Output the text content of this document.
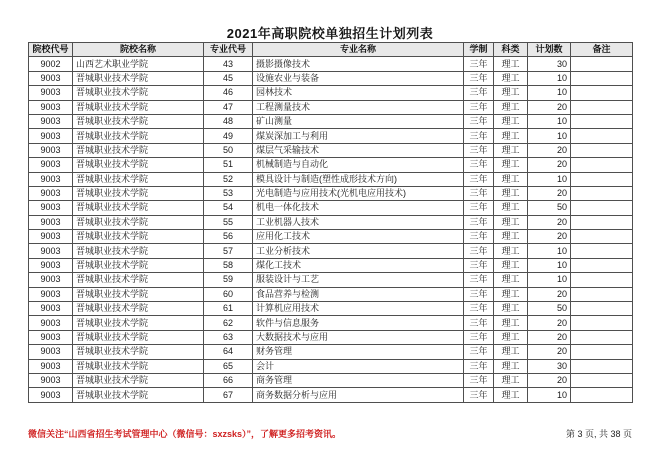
2021年高职院校单独招生计划列表
院校代号	院校名称	专业代号	专业名称	学制	科类	计划数	备注
9002	山西艺术职业学院	43	摄影摄像技术	三年	理工	30	
9003	晋城职业技术学院	45	设施农业与装备	三年	理工	10	
9003	晋城职业技术学院	46	园林技术	三年	理工	10	
9003	晋城职业技术学院	47	工程测量技术	三年	理工	20	
9003	晋城职业技术学院	48	矿山测量	三年	理工	10	
9003	晋城职业技术学院	49	煤炭深加工与利用	三年	理工	10	
9003	晋城职业技术学院	50	煤层气采输技术	三年	理工	20	
9003	晋城职业技术学院	51	机械制造与自动化	三年	理工	20	
9003	晋城职业技术学院	52	模具设计与制造(塑性成形技术方向)	三年	理工	10	
9003	晋城职业技术学院	53	光电制造与应用技术(光机电应用技术)	三年	理工	20	
9003	晋城职业技术学院	54	机电一体化技术	三年	理工	50	
9003	晋城职业技术学院	55	工业机器人技术	三年	理工	20	
9003	晋城职业技术学院	56	应用化工技术	三年	理工	20	
9003	晋城职业技术学院	57	工业分析技术	三年	理工	10	
9003	晋城职业技术学院	58	煤化工技术	三年	理工	10	
9003	晋城职业技术学院	59	服装设计与工艺	三年	理工	10	
9003	晋城职业技术学院	60	食品营养与检测	三年	理工	20	
9003	晋城职业技术学院	61	计算机应用技术	三年	理工	50	
9003	晋城职业技术学院	62	软件与信息服务	三年	理工	20	
9003	晋城职业技术学院	63	大数据技术与应用	三年	理工	20	
9003	晋城职业技术学院	64	财务管理	三年	理工	20	
9003	晋城职业技术学院	65	会计	三年	理工	30	
9003	晋城职业技术学院	66	商务管理	三年	理工	20	
9003	晋城职业技术学院	67	商务数据分析与应用	三年	理工	10	
微信关注“山西省招生考试管理中心（微信号：sxzsks）”，了解更多招考资讯。	第 3 页, 共 38 页
